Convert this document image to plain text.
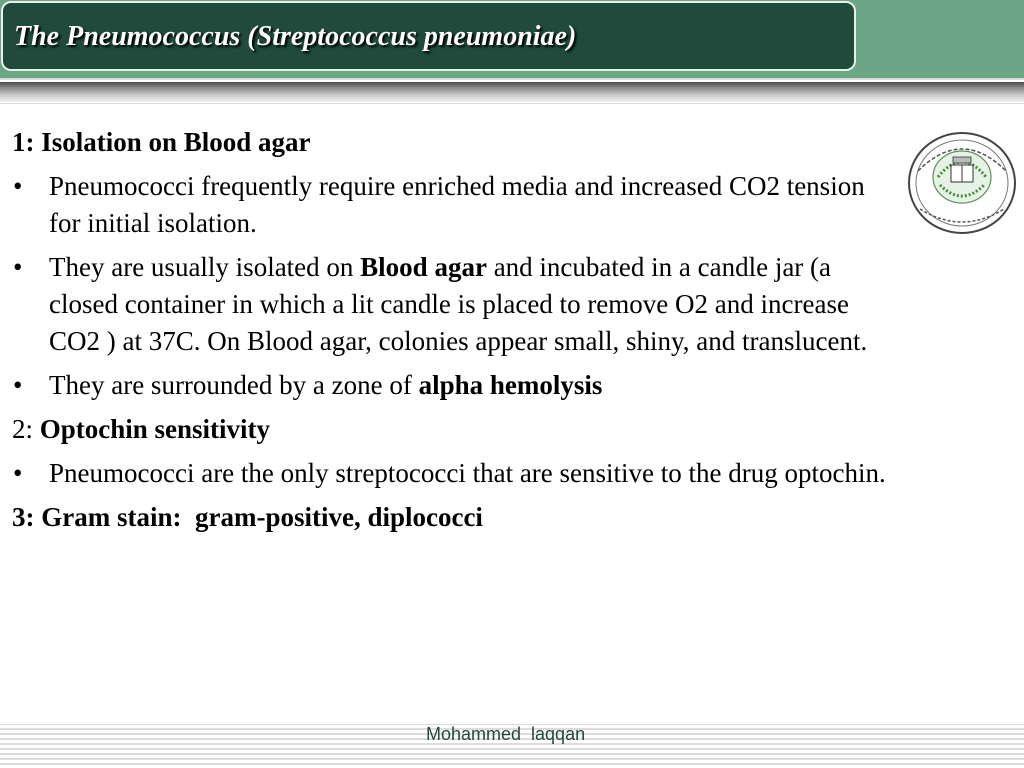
The Pneumococcus (Streptococcus pneumoniae)
1: Isolation on Blood agar
• Pneumococci frequently require enriched media and increased CO2 tension for initial isolation.
• They are usually isolated on Blood agar and incubated in a candle jar (a closed container in which a lit candle is placed to remove O2 and increase CO2 ) at 37C. On Blood agar, colonies appear small, shiny, and translucent.
• They are surrounded by a zone of alpha hemolysis
2: Optochin sensitivity
• Pneumococci are the only streptococci that are sensitive to the drug optochin.
3: Gram stain:  gram-positive, diplococci
Mohammed  laqqan
